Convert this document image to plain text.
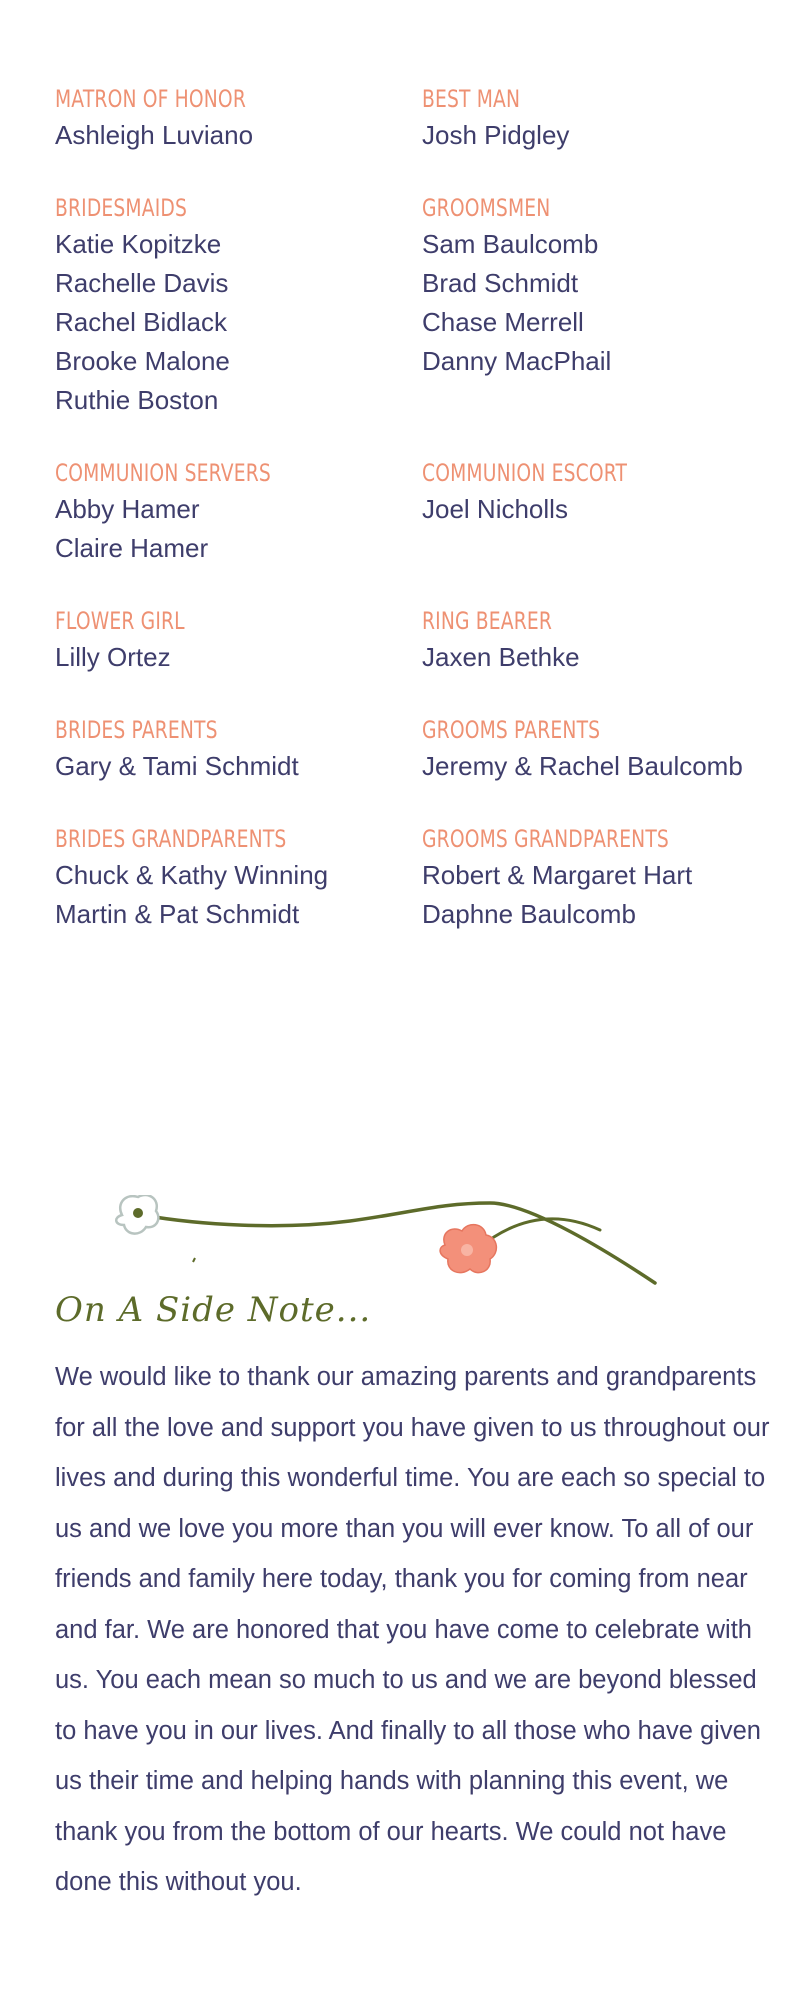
MATRON OF HONOR
Ashleigh Luviano
BEST MAN
Josh Pidgley
BRIDESMAIDS
Katie Kopitzke
Rachelle Davis
Rachel Bidlack
Brooke Malone
Ruthie Boston
GROOMSMEN
Sam Baulcomb
Brad Schmidt
Chase Merrell
Danny MacPhail
COMMUNION SERVERS
Abby Hamer
Claire Hamer
COMMUNION ESCORT
Joel Nicholls
FLOWER GIRL
Lilly Ortez
RING BEARER
Jaxen Bethke
BRIDES PARENTS
Gary & Tami Schmidt
GROOMS PARENTS
Jeremy & Rachel Baulcomb
BRIDES GRANDPARENTS
Chuck & Kathy Winning
Martin & Pat Schmidt
GROOMS GRANDPARENTS
Robert & Margaret Hart
Daphne Baulcomb
On A Side Note...
We would like to thank our amazing parents and grandparents for all the love and support you have given to us throughout our lives and during this wonderful time. You are each so special to us and we love you more than you will ever know. To all of our friends and family here today, thank you for coming from near and far. We are honored that you have come to celebrate with us. You each mean so much to us and we are beyond blessed to have you in our lives. And finally to all those who have given us their time and helping hands with planning this event, we thank you from the bottom of our hearts. We could not have done this without you.
